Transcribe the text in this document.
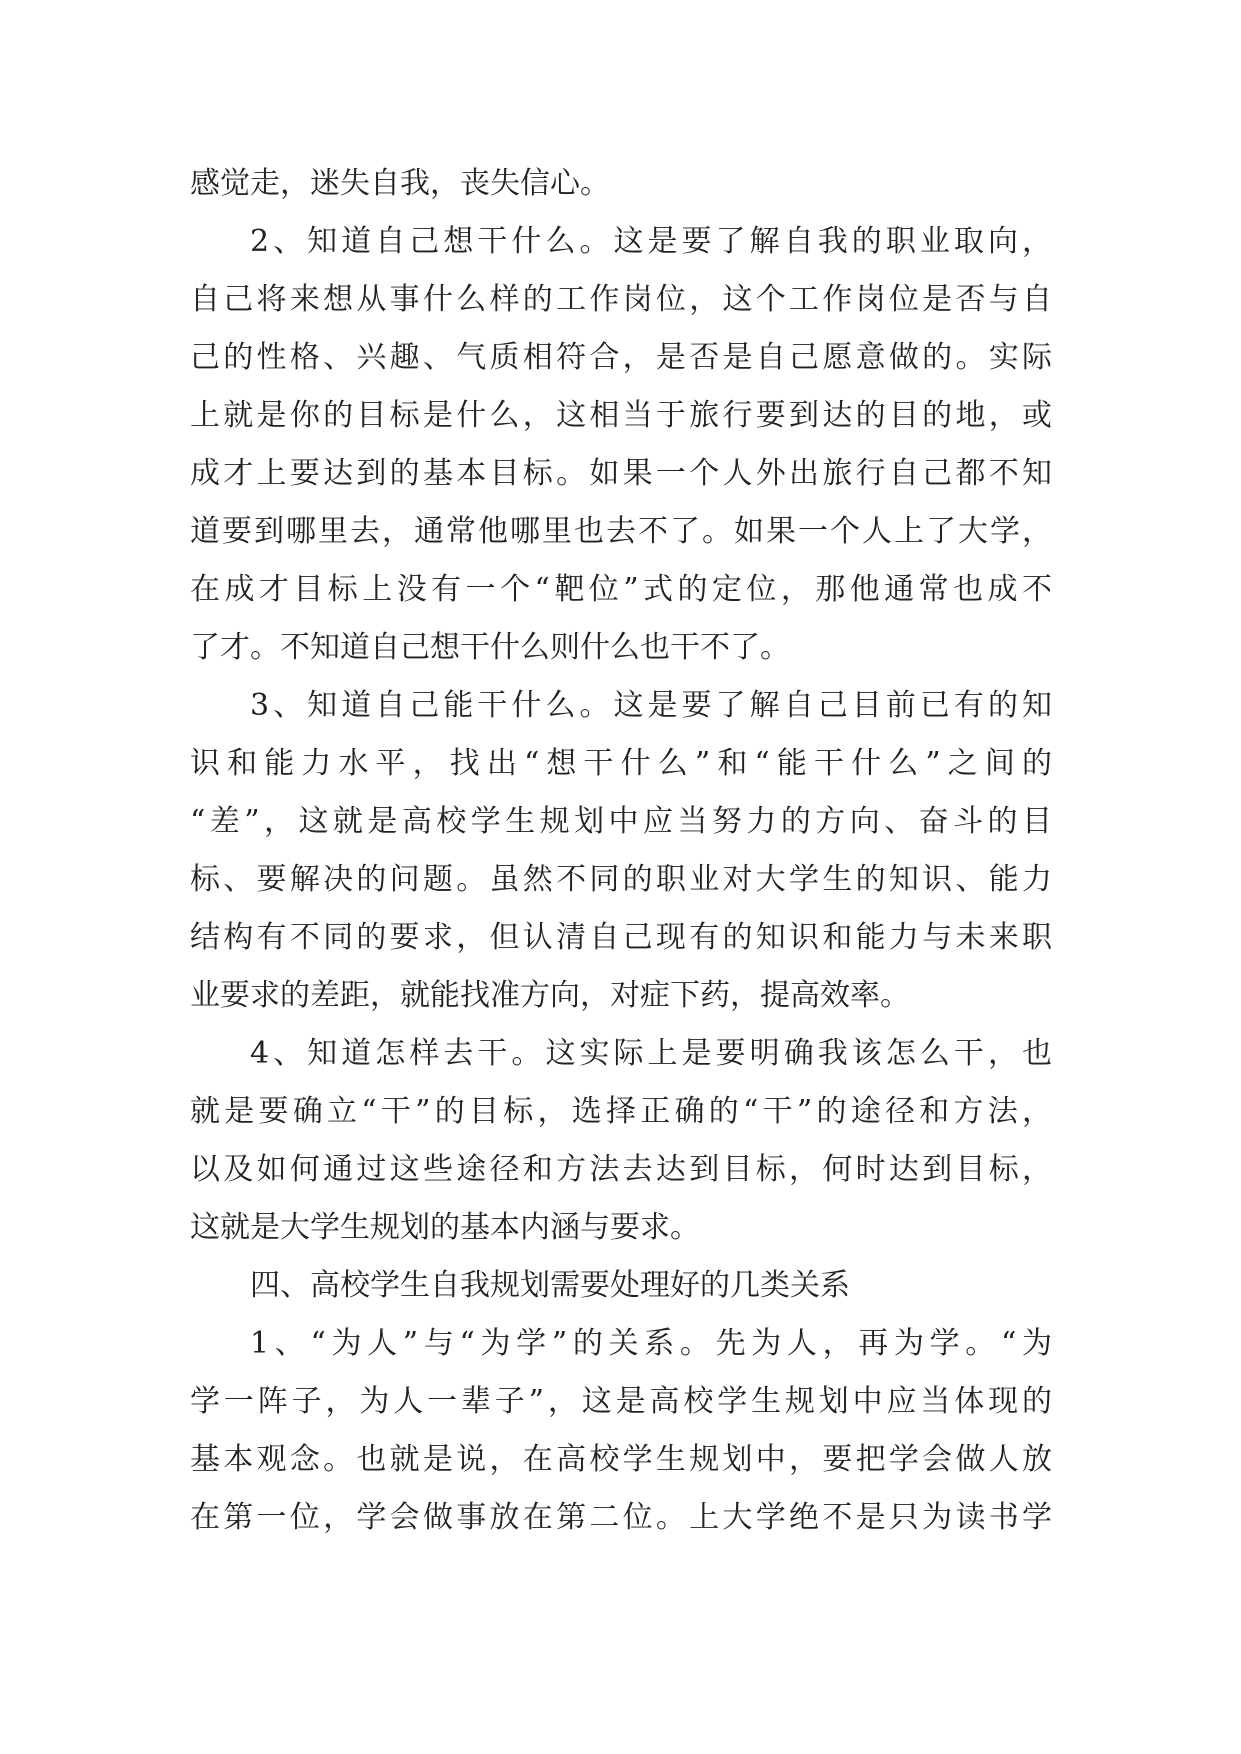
感觉走，迷失自我，丧失信心。
2、知道自己想干什么。这是要了解自我的职业取向，
自己将来想从事什么样的工作岗位，这个工作岗位是否与自
己的性格、兴趣、气质相符合，是否是自己愿意做的。实际
上就是你的目标是什么，这相当于旅行要到达的目的地，或
成才上要达到的基本目标。如果一个人外出旅行自己都不知
道要到哪里去，通常他哪里也去不了。如果一个人上了大学，
在成才目标上没有一个“靶位”式的定位，那他通常也成不
了才。不知道自己想干什么则什么也干不了。
3、知道自己能干什么。这是要了解自己目前已有的知
识和能力水平，找出“想干什么”和“能干什么”之间的
“差”，这就是高校学生规划中应当努力的方向、奋斗的目
标、要解决的问题。虽然不同的职业对大学生的知识、能力
结构有不同的要求，但认清自己现有的知识和能力与未来职
业要求的差距，就能找准方向，对症下药，提高效率。
4、知道怎样去干。这实际上是要明确我该怎么干，也
就是要确立“干”的目标，选择正确的“干”的途径和方法，
以及如何通过这些途径和方法去达到目标，何时达到目标，
这就是大学生规划的基本内涵与要求。
四、高校学生自我规划需要处理好的几类关系
1、“为人”与“为学”的关系。先为人，再为学。“为
学一阵子，为人一辈子”，这是高校学生规划中应当体现的
基本观念。也就是说，在高校学生规划中，要把学会做人放
在第一位，学会做事放在第二位。上大学绝不是只为读书学
